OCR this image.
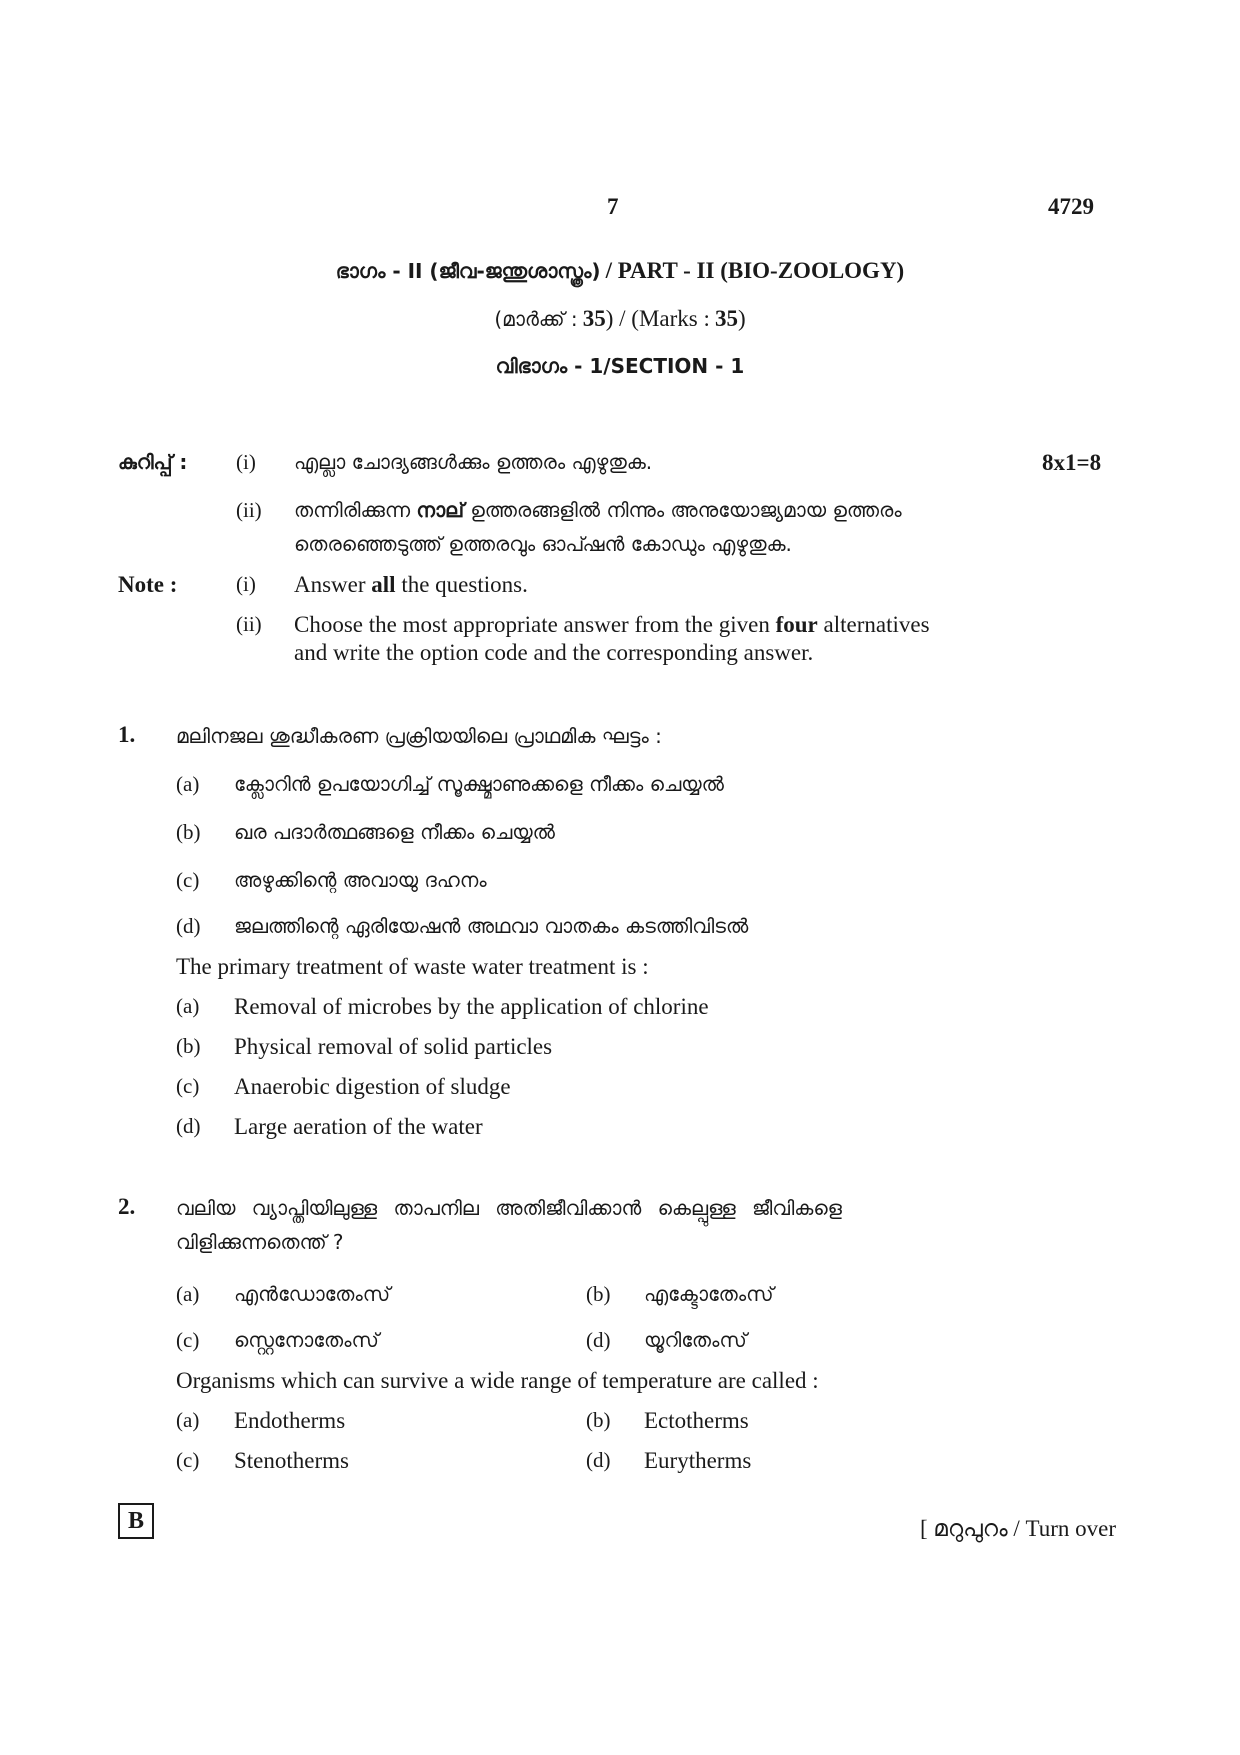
7	4729
ഭാഗം - II (ജീവ-ജന്തുശാസ്ത്രം) / PART - II (BIO-ZOOLOGY)
(മാർക്ക് : 35) / (Marks : 35)
വിഭാഗം - 1/SECTION - 1
കുറിപ്പ് : (i) എല്ലാ ചോദ്യങ്ങൾക്കും ഉത്തരം എഴുതുക.	8x1=8
(ii) തന്നിരിക്കുന്ന നാല് ഉത്തരങ്ങളിൽ നിന്നും അനുയോജ്യമായ ഉത്തരം
തെരഞ്ഞെടുത്ത് ഉത്തരവും ഓപ്ഷൻ കോഡും എഴുതുക.
Note :	(i) Answer all the questions.
(ii) Choose the most appropriate answer from the given four alternatives
and write the option code and the corresponding answer.
1. മലിനജല ശുദ്ധീകരണ പ്രക്രിയയിലെ പ്രാഥമിക ഘട്ടം :
(a) ക്ലോറിൻ ഉപയോഗിച്ച് സൂക്ഷ്മാണുക്കളെ നീക്കം ചെയ്യൽ
(b) ഖര പദാർത്ഥങ്ങളെ നീക്കം ചെയ്യൽ
(c) അഴുക്കിന്റെ അവായു ദഹനം
(d) ജലത്തിന്റെ ഏരിയേഷൻ അഥവാ വാതകം കടത്തിവിടൽ
The primary treatment of waste water treatment is :
(a) Removal of microbes by the application of chlorine
(b) Physical removal of solid particles
(c) Anaerobic digestion of sludge
(d) Large aeration of the water
2. വലിയ വ്യാപ്തിയിലുള്ള താപനില അതിജീവിക്കാൻ കെല്പുള്ള ജീവികളെ
വിളിക്കുന്നതെന്ത് ?
(a) എൻഡോതേംസ്	(b) എക്ടോതേംസ്
(c) സ്റ്റെനോതേംസ്	(d) യൂറിതേംസ്
Organisms which can survive a wide range of temperature are called :
(a) Endotherms	(b) Ectotherms
(c) Stenotherms	(d) Eurytherms
B	[ മറുപുറം / Turn over
